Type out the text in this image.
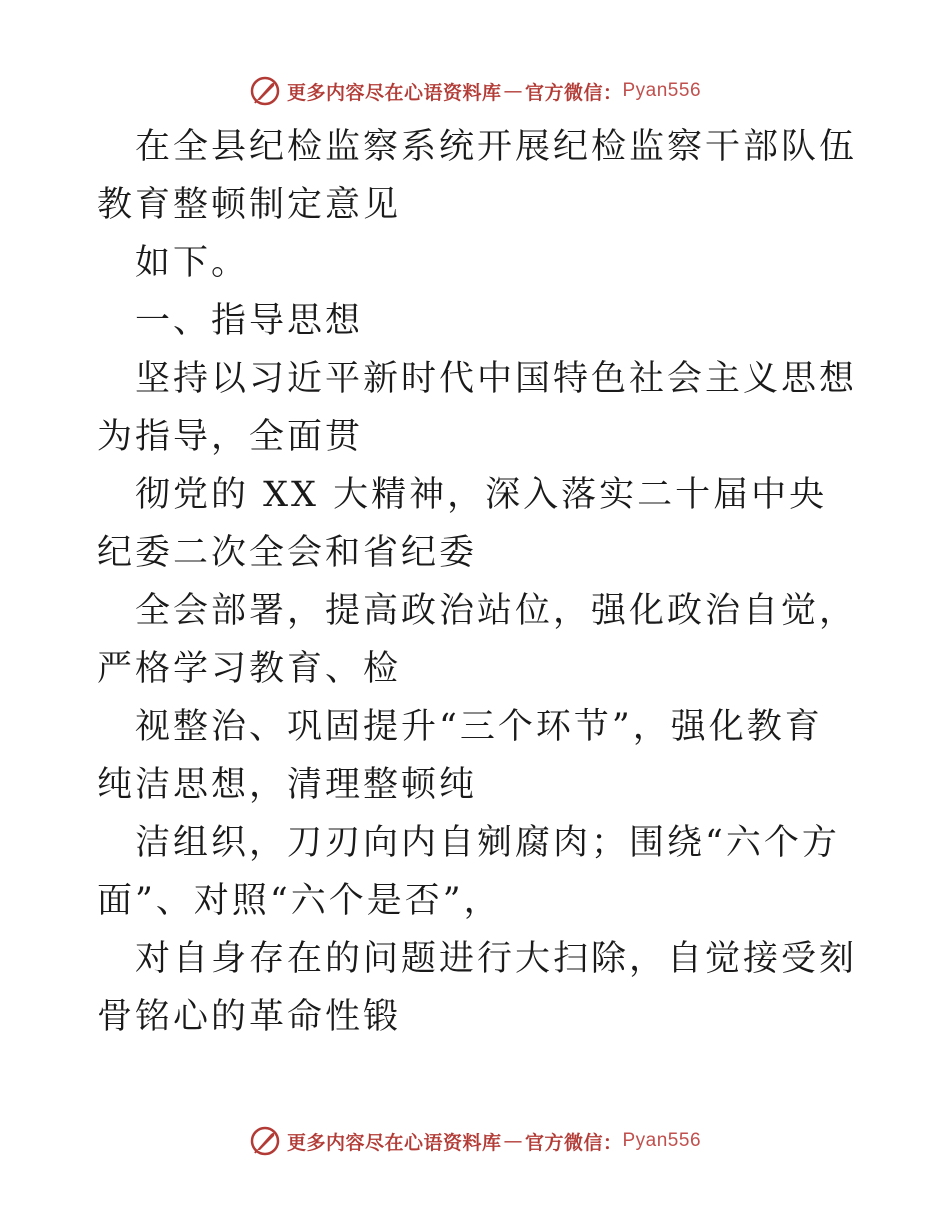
更多内容尽在心语资料库 — 官方微信： Pyan556

在全县纪检监察系统开展纪检监察干部队伍教育整顿制定意见

如下。

一、指导思想

坚持以习近平新时代中国特色社会主义思想为指导，全面贯

彻党的 XX 大精神，深入落实二十届中央纪委二次全会和省纪委

全会部署，提高政治站位，强化政治自觉，严格学习教育、检

视整治、巩固提升“三个环节”，强化教育纯洁思想，清理整顿纯

洁组织，刀刃向内自剜腐肉；围绕“六个方面”、对照“六个是否”，

对自身存在的问题进行大扫除，自觉接受刻骨铭心的革命性锻

更多内容尽在心语资料库 — 官方微信： Pyan556
